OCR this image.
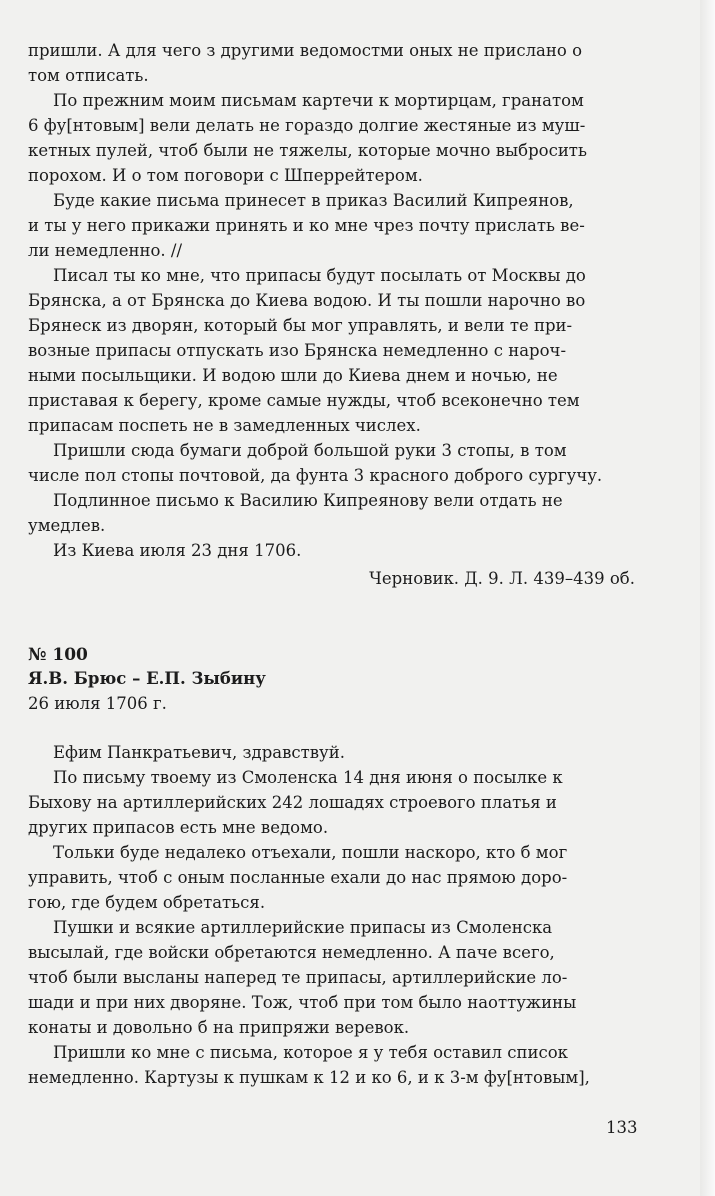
пришли. А для чего з другими ведомостми оных не прислано о
том отписать.
По прежним моим письмам картечи к мортирцам, гранатом
6 фу[нтовым] вели делать не гораздо долгие жестяные из муш-
кетных пулей, чтоб были не тяжелы, которые мочно выбросить
порохом. И о том поговори с Шперрейтером.
Буде какие письма принесет в приказ Василий Кипреянов,
и ты у него прикажи принять и ко мне чрез почту прислать ве-
ли немедленно. //
Писал ты ко мне, что припасы будут посылать от Москвы до
Брянска, а от Брянска до Киева водою. И ты пошли нарочно во
Брянеск из дворян, который бы мог управлять, и вели те при-
возные припасы отпускать изо Брянска немедленно с нароч-
ными посыльщики. И водою шли до Киева днем и ночью, не
приставая к берегу, кроме самые нужды, чтоб всеконечно тем
припасам поспеть не в замедленных числех.
Пришли сюда бумаги доброй большой руки 3 стопы, в том
числе пол стопы почтовой, да фунта 3 красного доброго сургучу.
Подлинное письмо к Василию Кипреянову вели отдать не
умедлев.
Из Киева июля 23 дня 1706.
Черновик. Д. 9. Л. 439–439 об.
№ 100
Я.В. Брюс – Е.П. Зыбину
26 июля 1706 г.
Ефим Панкратьевич, здравствуй.
По письму твоему из Смоленска 14 дня июня о посылке к
Быхову на артиллерийских 242 лошадях строевого платья и
других припасов есть мне ведомо.
Тольки буде недалеко отъехали, пошли наскоро, кто б мог
управить, чтоб с оным посланные ехали до нас прямою доро-
гою, где будем обретаться.
Пушки и всякие артиллерийские припасы из Смоленска
высылай, где войски обретаются немедленно. А паче всего,
чтоб были высланы наперед те припасы, артиллерийские ло-
шади и при них дворяне. Тож, чтоб при том было наоттужины
конаты и довольно б на припряжи веревок.
Пришли ко мне с письма, которое я у тебя оставил список
немедленно. Картузы к пушкам к 12 и ко 6, и к 3-м фу[нтовым],
133
